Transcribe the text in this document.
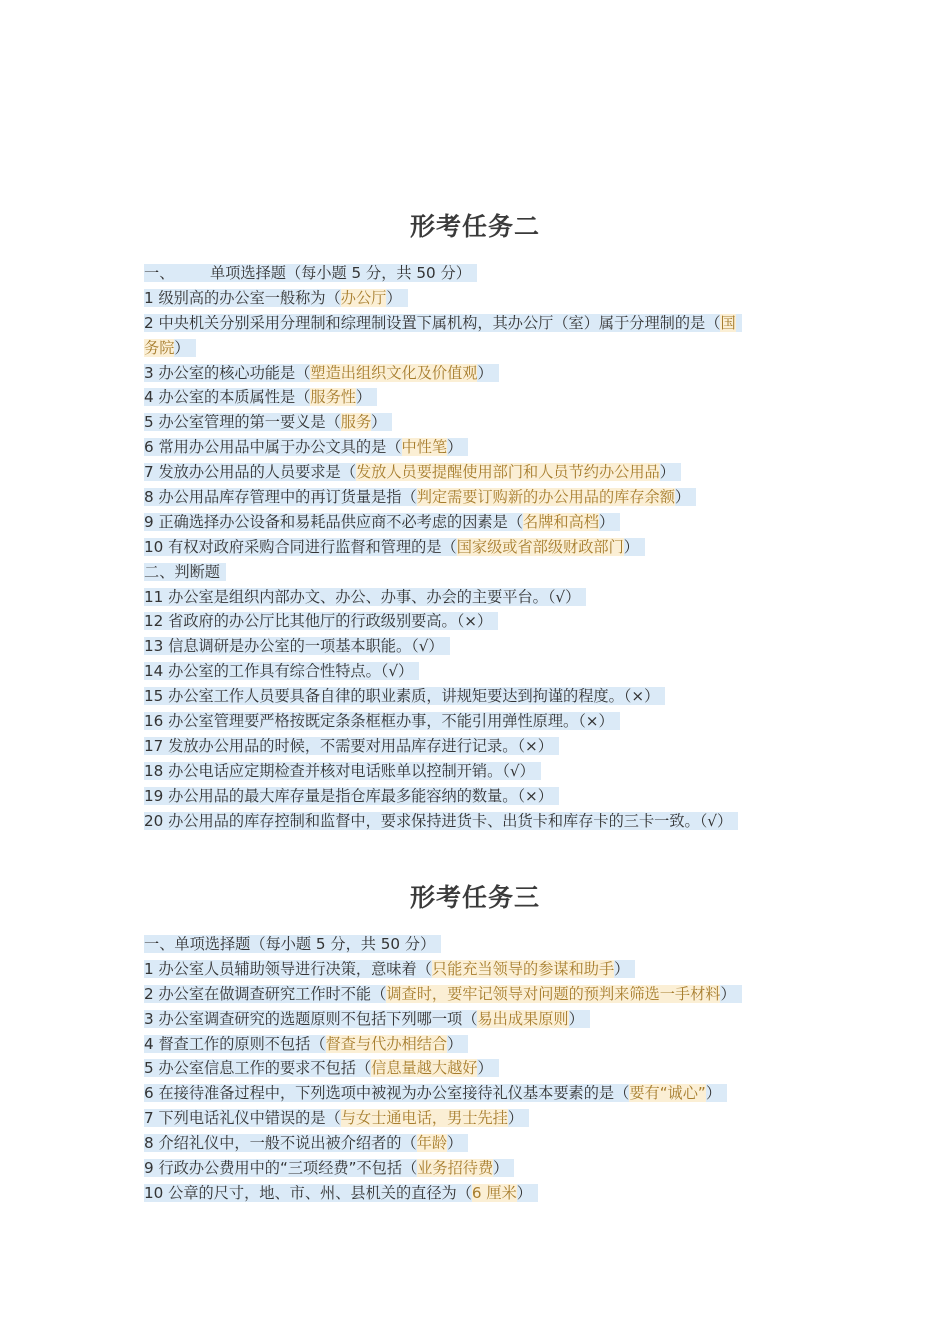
形考任务二
一、 单项选择题（每小题 5 分，共 50 分）
1 级别高的办公室一般称为（办公厅）
2 中央机关分别采用分理制和综理制设置下属机构，其办公厅（室）属于分理制的是（国
务院）
3 办公室的核心功能是（塑造出组织文化及价值观）
4 办公室的本质属性是（服务性）
5 办公室管理的第一要义是（服务）
6 常用办公用品中属于办公文具的是（中性笔）
7 发放办公用品的人员要求是（发放人员要提醒使用部门和人员节约办公用品）
8 办公用品库存管理中的再订货量是指（判定需要订购新的办公用品的库存余额）
9 正确选择办公设备和易耗品供应商不必考虑的因素是（名牌和高档）
10 有权对政府采购合同进行监督和管理的是（国家级或省部级财政部门）
二、判断题
11 办公室是组织内部办文、办公、办事、办会的主要平台。（√）
12 省政府的办公厅比其他厅的行政级别要高。（×）
13 信息调研是办公室的一项基本职能。（√）
14 办公室的工作具有综合性特点。（√）
15 办公室工作人员要具备自律的职业素质，讲规矩要达到拘谨的程度。（×）
16 办公室管理要严格按既定条条框框办事，不能引用弹性原理。（×）
17 发放办公用品的时候，不需要对用品库存进行记录。（×）
18 办公电话应定期检查并核对电话账单以控制开销。（√）
19 办公用品的最大库存量是指仓库最多能容纳的数量。（×）
20 办公用品的库存控制和监督中，要求保持进货卡、出货卡和库存卡的三卡一致。（√）
形考任务三
一、单项选择题（每小题 5 分，共 50 分）
1 办公室人员辅助领导进行决策，意味着（只能充当领导的参谋和助手）
2 办公室在做调查研究工作时不能（调查时，要牢记领导对问题的预判来筛选一手材料）
3 办公室调查研究的选题原则不包括下列哪一项（易出成果原则）
4 督查工作的原则不包括（督查与代办相结合）
5 办公室信息工作的要求不包括（信息量越大越好）
6 在接待准备过程中，下列选项中被视为办公室接待礼仪基本要素的是（要有“诚心”）
7 下列电话礼仪中错误的是（与女士通电话，男士先挂）
8 介绍礼仪中，一般不说出被介绍者的（年龄）
9 行政办公费用中的“三项经费”不包括（业务招待费）
10 公章的尺寸，地、市、州、县机关的直径为（6 厘米）
